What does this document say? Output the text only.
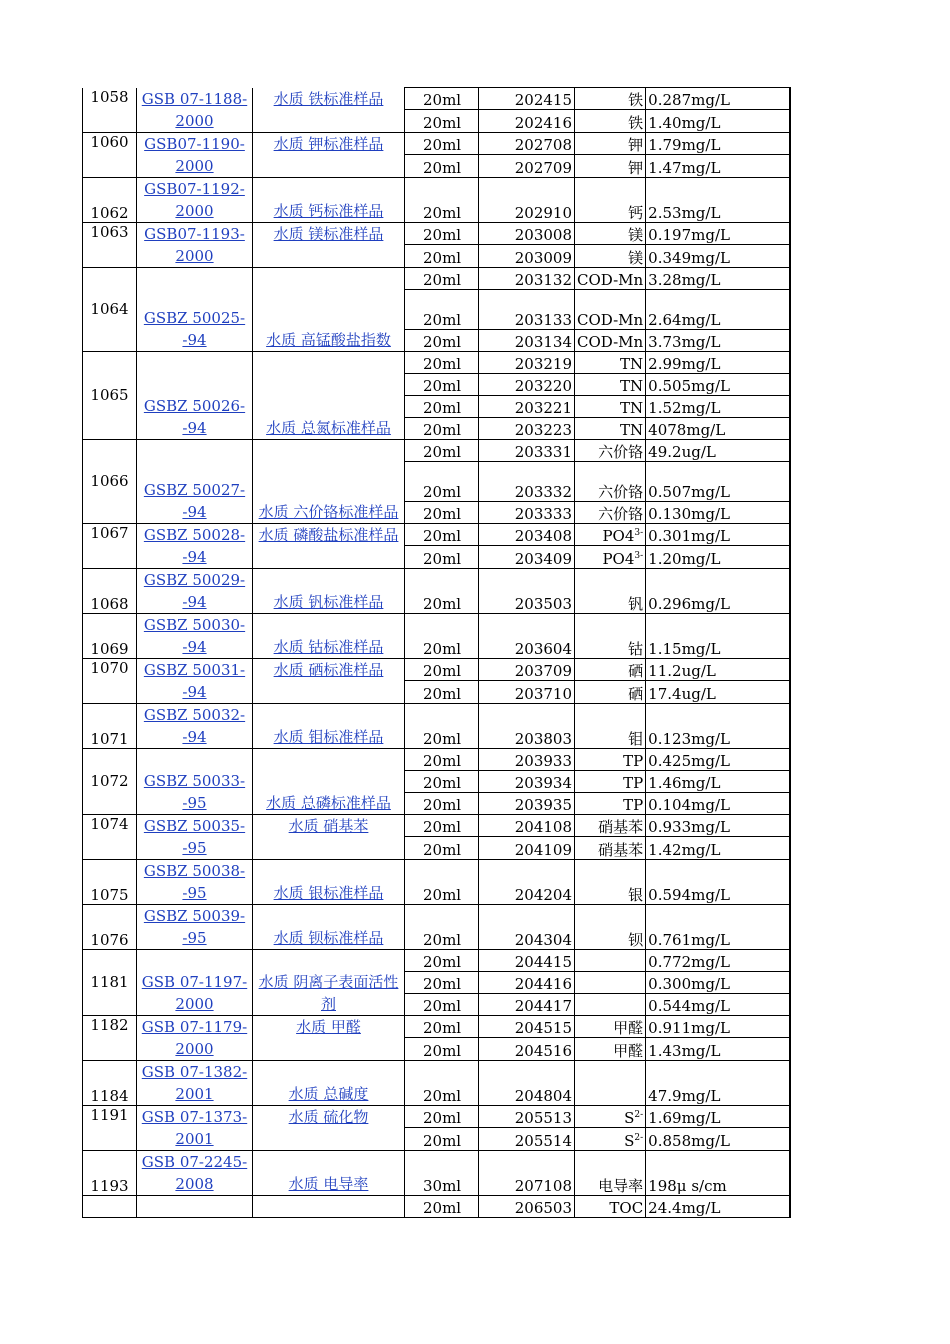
1058	GSB 07-1188-2000	水质 铁标准样品	20ml	202415	铁	0.287mg/L
			20ml	202416	铁	1.40mg/L
1060	GSB07-1190-2000	水质 钾标准样品	20ml	202708	钾	1.79mg/L
			20ml	202709	钾	1.47mg/L
1062	GSB07-1192-2000	水质 钙标准样品	20ml	202910	钙	2.53mg/L
1063	GSB07-1193-2000	水质 镁标准样品	20ml	203008	镁	0.197mg/L
			20ml	203009	镁	0.349mg/L
1064	GSBZ 50025--94	水质 高锰酸盐指数	20ml	203132	COD-Mn	3.28mg/L
			20ml	203133	COD-Mn	2.64mg/L
			20ml	203134	COD-Mn	3.73mg/L
1065	GSBZ 50026--94	水质 总氮标准样品	20ml	203219	TN	2.99mg/L
			20ml	203220	TN	0.505mg/L
			20ml	203221	TN	1.52mg/L
			20ml	203223	TN	4078mg/L
1066	GSBZ 50027--94	水质 六价铬标准样品	20ml	203331	六价铬	49.2ug/L
			20ml	203332	六价铬	0.507mg/L
			20ml	203333	六价铬	0.130mg/L
1067	GSBZ 50028--94	水质 磷酸盐标准样品	20ml	203408	$PO4^{3-}$	0.301mg/L
			20ml	203409	$PO4^{3-}$	1.20mg/L
1068	GSBZ 50029--94	水质 钒标准样品	20ml	203503	钒	0.296mg/L
1069	GSBZ 50030--94	水质 钴标准样品	20ml	203604	钴	1.15mg/L
1070	GSBZ 50031--94	水质 硒标准样品	20ml	203709	硒	11.2ug/L
			20ml	203710	硒	17.4ug/L
1071	GSBZ 50032--94	水质 钼标准样品	20ml	203803	钼	0.123mg/L
1072	GSBZ 50033--95	水质 总磷标准样品	20ml	203933	TP	0.425mg/L
			20ml	203934	TP	1.46mg/L
			20ml	203935	TP	0.104mg/L
1074	GSBZ 50035--95	水质 硝基苯	20ml	204108	硝基苯	0.933mg/L
			20ml	204109	硝基苯	1.42mg/L
1075	GSBZ 50038--95	水质 银标准样品	20ml	204204	银	0.594mg/L
1076	GSBZ 50039--95	水质 钡标准样品	20ml	204304	钡	0.761mg/L
1181	GSB 07-1197-2000	水质 阴离子表面活性剂	20ml	204415		0.772mg/L
			20ml	204416		0.300mg/L
			20ml	204417		0.544mg/L
1182	GSB 07-1179-2000	水质 甲醛	20ml	204515	甲醛	0.911mg/L
			20ml	204516	甲醛	1.43mg/L
1184	GSB 07-1382-2001	水质 总碱度	20ml	204804		47.9mg/L
1191	GSB 07-1373-2001	水质 硫化物	20ml	205513	$S^{2-}$	1.69mg/L
			20ml	205514	$S^{2-}$	0.858mg/L
1193	GSB 07-2245-2008	水质 电导率	30ml	207108	电导率	198μ s/cm
			20ml	206503	TOC	24.4mg/L
